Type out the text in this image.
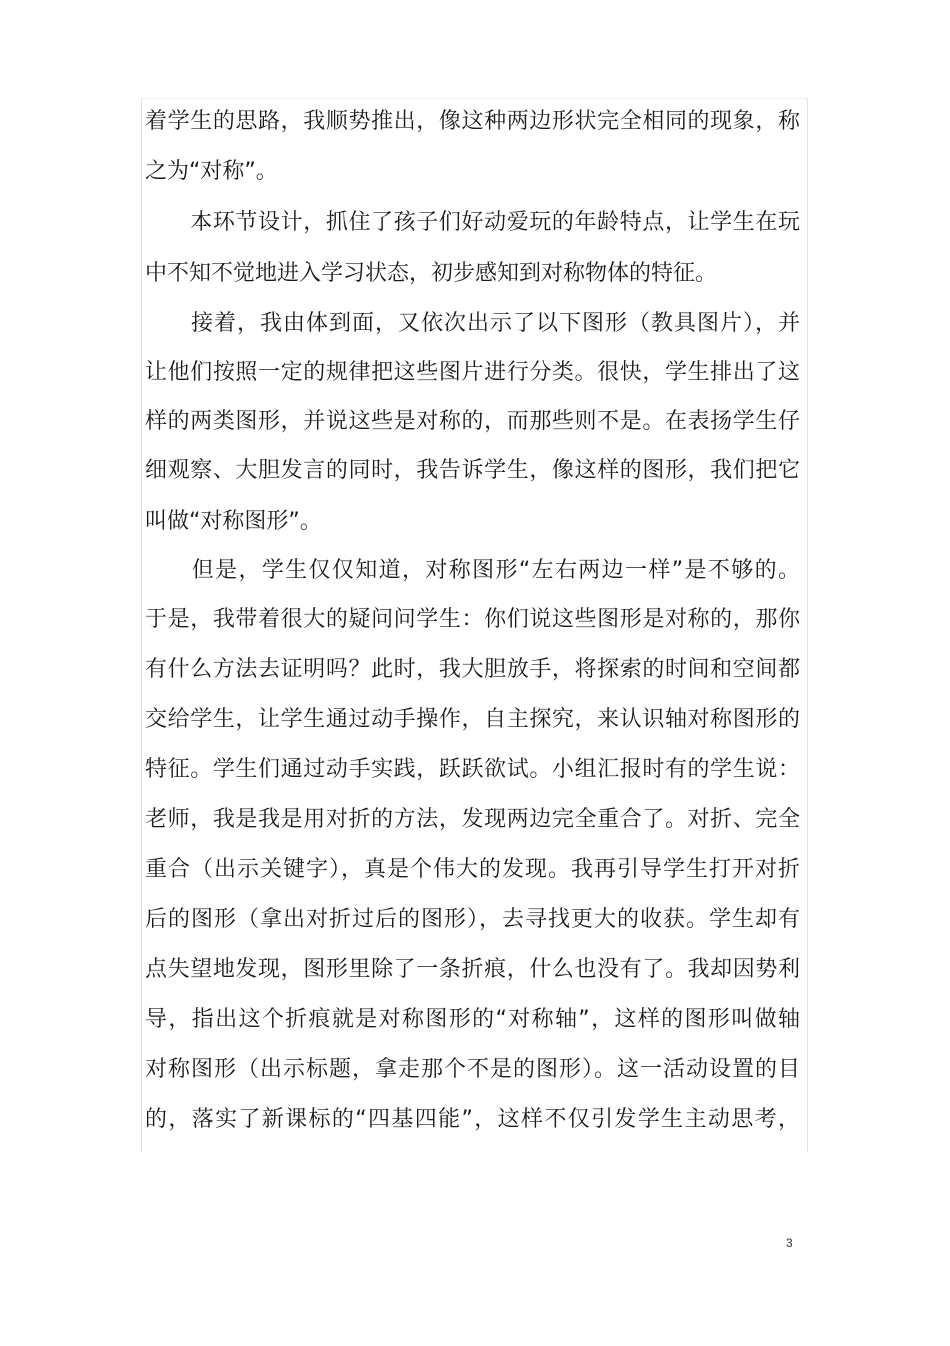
着学生的思路，我顺势推出，像这种两边形状完全相同的现象，称
之为“对称”。
　　本环节设计，抓住了孩子们好动爱玩的年龄特点，让学生在玩
中不知不觉地进入学习状态，初步感知到对称物体的特征。
　　接着，我由体到面，又依次出示了以下图形（教具图片），并
让他们按照一定的规律把这些图片进行分类。很快，学生排出了这
样的两类图形，并说这些是对称的，而那些则不是。在表扬学生仔
细观察、大胆发言的同时，我告诉学生，像这样的图形，我们把它
叫做“对称图形”。
　　但是，学生仅仅知道，对称图形“左右两边一样”是不够的。
于是，我带着很大的疑问问学生：你们说这些图形是对称的，那你
有什么方法去证明吗？此时，我大胆放手，将探索的时间和空间都
交给学生，让学生通过动手操作，自主探究，来认识轴对称图形的
特征。学生们通过动手实践，跃跃欲试。小组汇报时有的学生说：
老师，我是我是用对折的方法，发现两边完全重合了。对折、完全
重合（出示关键字），真是个伟大的发现。我再引导学生打开对折
后的图形（拿出对折过后的图形），去寻找更大的收获。学生却有
点失望地发现，图形里除了一条折痕，什么也没有了。我却因势利
导，指出这个折痕就是对称图形的“对称轴”，这样的图形叫做轴
对称图形（出示标题，拿走那个不是的图形）。这一活动设置的目
的，落实了新课标的“四基四能”，这样不仅引发学生主动思考，
3
